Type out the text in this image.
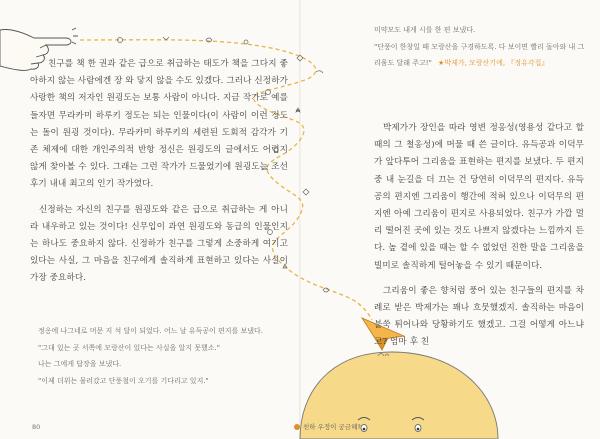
친구를 책 한 권과 같은 급으로 취급하는 태도가 책을 그다지 좋아하지 않는 사람에겐 장 와 닿지 않을 수도 있겠다. 그러나 신정하가 사랑한 책의 저자인 원굉도는 보통 사람이 아니다. 지금 작가로 예를 들자면 무라카미 하루키 정도는 되는 인물이다(이 사람이 이런 정도는 돌이 원굉 것이다). 무라카미 하루키의 세련된 도회적 감각가 기존 체제에 대한 개인주의적 반항 정신은 원굉도의 글에서도 어렵지 않게 찾아볼 수 있다. 그래는 그런 작가가 드물었기에 원굉도는 조선 후기 내내 최고의 인기 작가였다.

신정하는 자신의 친구를 원굉도와 같은 급으로 취급하는 게 아니라 내우하고 있는 것이다! 신무입이 과연 원굉도와 동급의 인물인지는 하나도 중요하지 않다. 신정하가 친구를 그렇게 소중하게 여기고 있다는 사실, 그 마음을 친구에게 솔직하게 표현하고 있다는 사실이 가장 중요하다.

정옹에 나그네로 머문 지 석 달이 되었다. 어느 날 유득공이 편지를 보냈다.
"그대 있는 곳 서쪽에 모랑산이 있다는 사실을 알지 못했소."
나는 그에게 답장을 보냈다.
"이제 더위는 물러갔고 단풍철이 오기를 기다리고 있지."
80
미약모도 내게 시를 한 편 보냈다.
"단풍이 한창일 때 모랑산을 구경하도록. 다 보이면 빨리 돌아와 내 그
리움도 달래 주고!" ★박제가, 모랑산기에, 『정유각집』

박제가가 장인을 따라 영변 정옹성(영용성 같다고 할 때의 그 철옹성)에 머물 때 쓴 글이다. 유득공과 이덕무가 앞다투어 그리움을 표현하는 편지를 보냈다. 두 편지 중 내 눈길을 더 끄는 건 당연히 이덕무의 편지다. 유득공의 편지엔 그리움이 행간에 적혀 있으나 이덕무의 편지엔 아예 그리움이 편지로 사용되었다. 친구가 가깝 멀리 떨어진 곳에 있는 것도 나쁘지 않겠다는 느낌까지 든다. 높 곁에 있을 때는 할 수 없었던 진한 말을 그리움을 빌미로 솔직하게 털어놓을 수 있기 때문이다.

그리움이 좋은 향처럼 풍어 있는 친구들의 편지를 차례로 받은 박제가는 꽤나 흐뭇했겠지. 솔직하는 마음이 불쑥 튀어나와 당황하기도 했겠고. 그걸 어떻게 아느냐고? 엄마 후 친

친하 우정이 궁금해?
